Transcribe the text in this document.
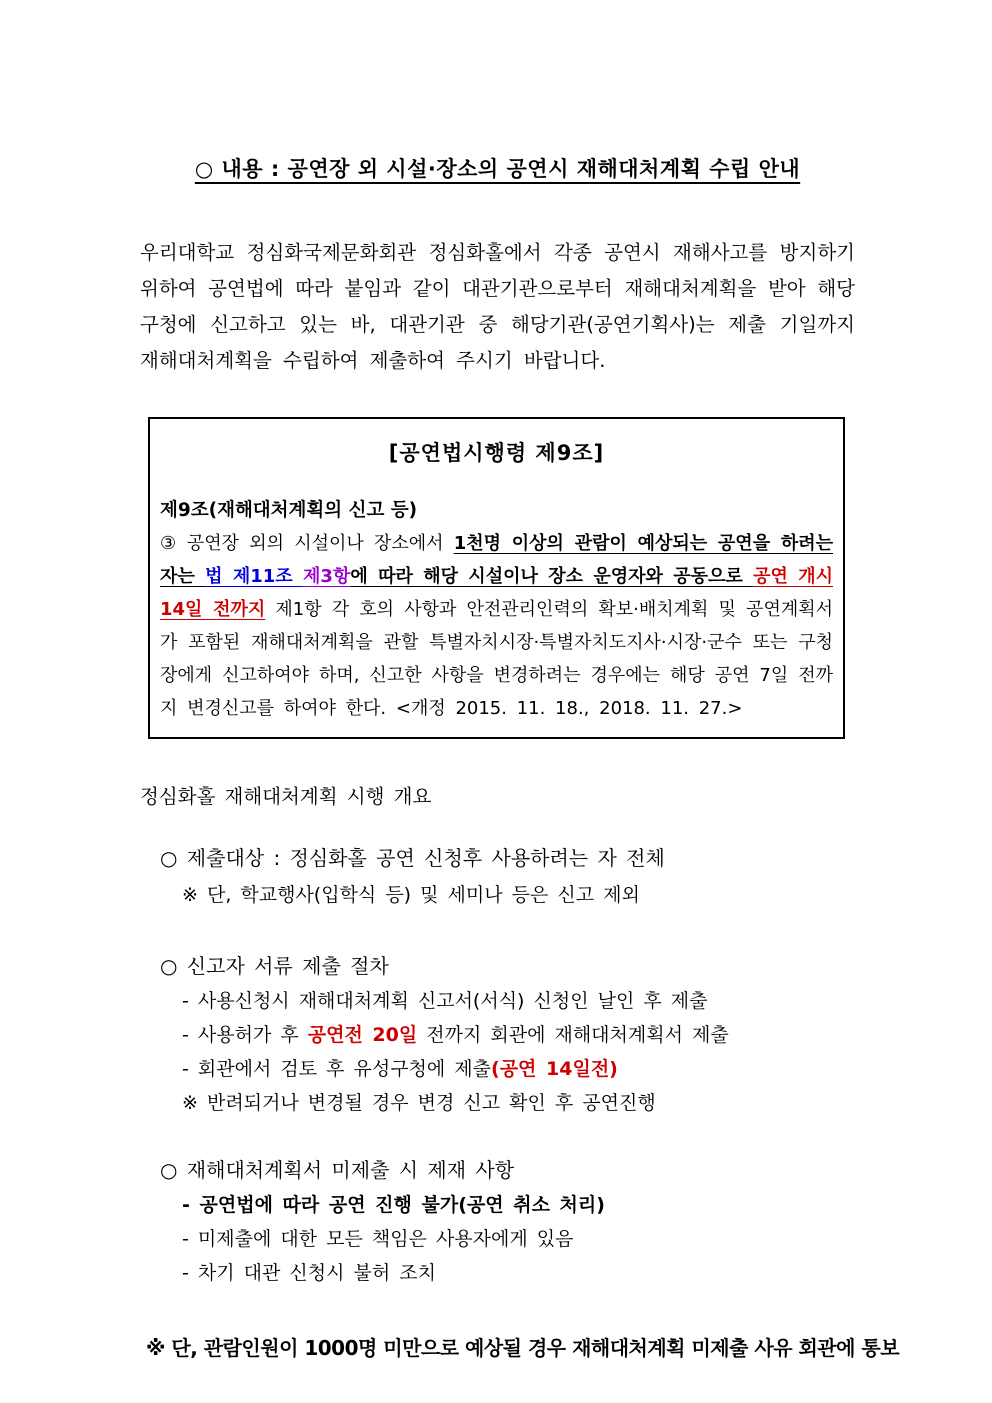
○ 내용 : 공연장 외 시설·장소의 공연시 재해대처계획 수립 안내

우리대학교 정심화국제문화회관 정심화홀에서 각종 공연시 재해사고를 방지하기 위하여 공연법에 따라 붙임과 같이 대관기관으로부터 재해대처계획을 받아 해당 구청에 신고하고 있는 바, 대관기관 중 해당기관(공연기획사)는 제출 기일까지 재해대처계획을 수립하여 제출하여 주시기 바랍니다.

[공연법시행령 제9조]
제9조(재해대처계획의 신고 등)

③ 공연장 외의 시설이나 장소에서 1천명 이상의 관람이 예상되는 공연을 하려는 자는 법 제11조 제3항에 따라 해당 시설이나 장소 운영자와 공동으로 공연 개시 14일 전까지 제1항 각 호의 사항과 안전관리인력의 확보·배치계획 및 공연계획서가 포함된 재해대처계획을 관할 특별자치시장·특별자치도지사·시장·군수 또는 구청장에게 신고하여야 하며, 신고한 사항을 변경하려는 경우에는 해당 공연 7일 전까지 변경신고를 하여야 한다. <개정 2015. 11. 18., 2018. 11. 27.>

정심화홀 재해대처계획 시행 개요
○ 제출대상 : 정심화홀 공연 신청후 사용하려는 자 전체
※ 단, 학교행사(입학식 등) 및 세미나 등은 신고 제외
○ 신고자 서류 제출 절차
- 사용신청시 재해대처계획 신고서(서식) 신청인 날인 후 제출
- 사용허가 후 공연전 20일 전까지 회관에 재해대처계획서 제출
- 회관에서 검토 후 유성구청에 제출(공연 14일전)
※ 반려되거나 변경될 경우 변경 신고 확인 후 공연진행
○ 재해대처계획서 미제출 시 제재 사항
- 공연법에 따라 공연 진행 불가(공연 취소 처리)
- 미제출에 대한 모든 책임은 사용자에게 있음
- 차기 대관 신청시 불허 조치
※ 단, 관람인원이 1000명 미만으로 예상될 경우 재해대처계획 미제출 사유 회관에 통보
